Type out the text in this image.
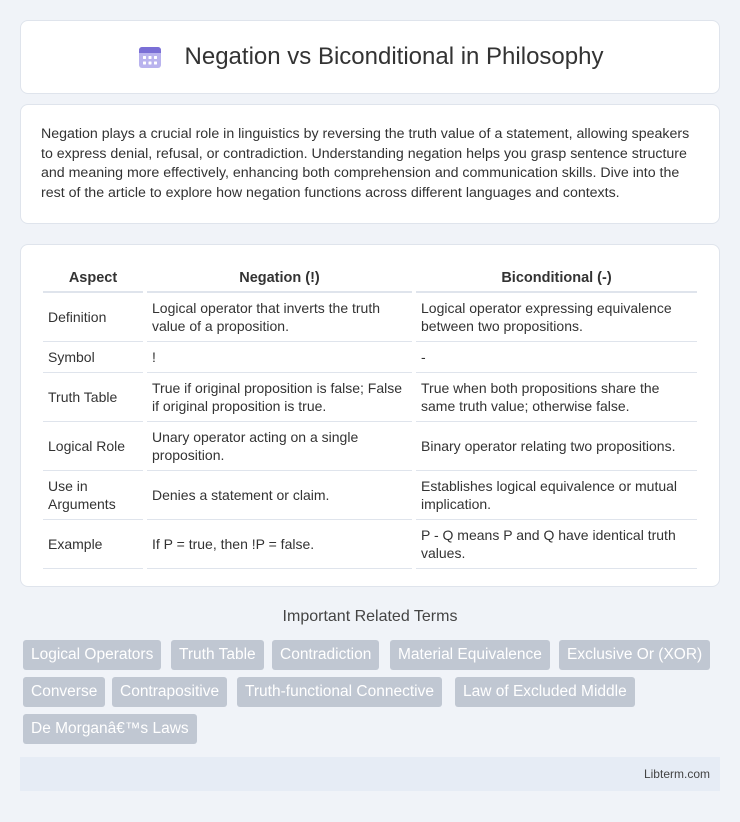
Negation vs Biconditional in Philosophy

Negation plays a crucial role in linguistics by reversing the truth value of a statement, allowing speakers to express denial, refusal, or contradiction. Understanding negation helps you grasp sentence structure and meaning more effectively, enhancing both comprehension and communication skills. Dive into the rest of the article to explore how negation functions across different languages and contexts.

Aspect	Negation (!)	Biconditional (-)
Definition	Logical operator that inverts the truth value of a proposition.	Logical operator expressing equivalence between two propositions.
Symbol	!	-
Truth Table	True if original proposition is false; False if original proposition is true.	True when both propositions share the same truth value; otherwise false.
Logical Role	Unary operator acting on a single proposition.	Binary operator relating two propositions.
Use in Arguments	Denies a statement or claim.	Establishes logical equivalence or mutual implication.
Example	If P = true, then !P = false.	P - Q means P and Q have identical truth values.
Important Related Terms
Logical Operators	Truth Table	Contradiction	Material Equivalence	Exclusive Or (XOR)
Converse	Contrapositive	Truth-functional Connective	Law of Excluded Middle
De Morganâ€™s Laws
Libterm.com
